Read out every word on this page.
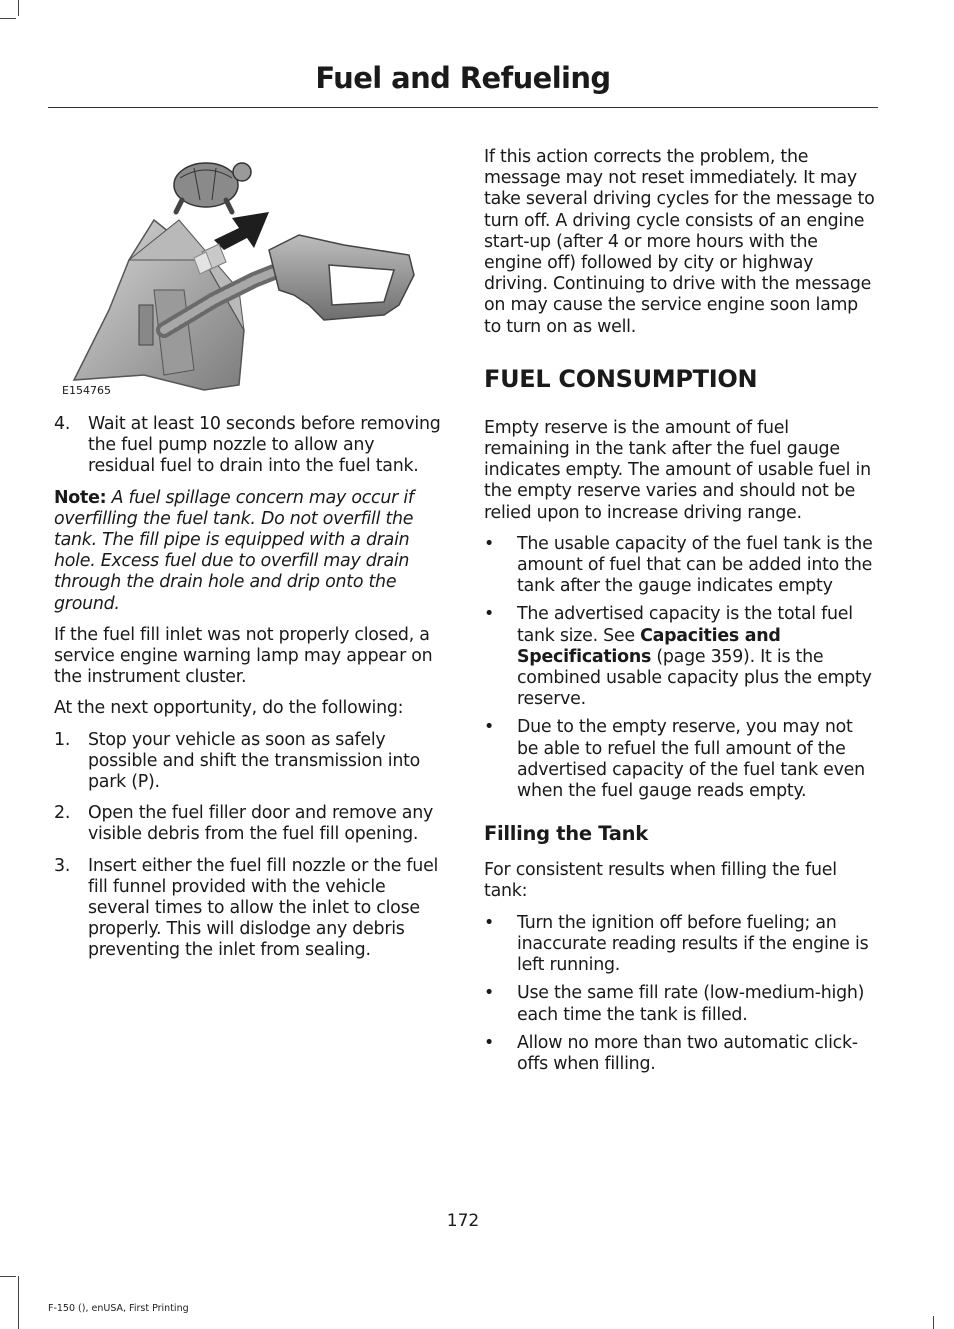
Fuel and Refueling
E154765
4. Wait at least 10 seconds before removing the fuel pump nozzle to allow any residual fuel to drain into the fuel tank.

Note: A fuel spillage concern may occur if overfilling the fuel tank. Do not overfill the tank. The fill pipe is equipped with a drain hole. Excess fuel due to overfill may drain through the drain hole and drip onto the ground.

If the fuel fill inlet was not properly closed, a service engine warning lamp may appear on the instrument cluster.

At the next opportunity, do the following:

1. Stop your vehicle as soon as safely possible and shift the transmission into park (P).
2. Open the fuel filler door and remove any visible debris from the fuel fill opening.
3. Insert either the fuel fill nozzle or the fuel fill funnel provided with the vehicle several times to allow the inlet to close properly. This will dislodge any debris preventing the inlet from sealing.

If this action corrects the problem, the message may not reset immediately. It may take several driving cycles for the message to turn off. A driving cycle consists of an engine start-up (after 4 or more hours with the engine off) followed by city or highway driving. Continuing to drive with the message on may cause the service engine soon lamp to turn on as well.

FUEL CONSUMPTION

Empty reserve is the amount of fuel remaining in the tank after the fuel gauge indicates empty. The amount of usable fuel in the empty reserve varies and should not be relied upon to increase driving range.

• The usable capacity of the fuel tank is the amount of fuel that can be added into the tank after the gauge indicates empty
• The advertised capacity is the total fuel tank size. See Capacities and Specifications (page 359). It is the combined usable capacity plus the empty reserve.
• Due to the empty reserve, you may not be able to refuel the full amount of the advertised capacity of the fuel tank even when the fuel gauge reads empty.
Filling the Tank

For consistent results when filling the fuel tank:

• Turn the ignition off before fueling; an inaccurate reading results if the engine is left running.
• Use the same fill rate (low-medium-high) each time the tank is filled.
• Allow no more than two automatic click-offs when filling.
172
F-150 (), enUSA, First Printing
